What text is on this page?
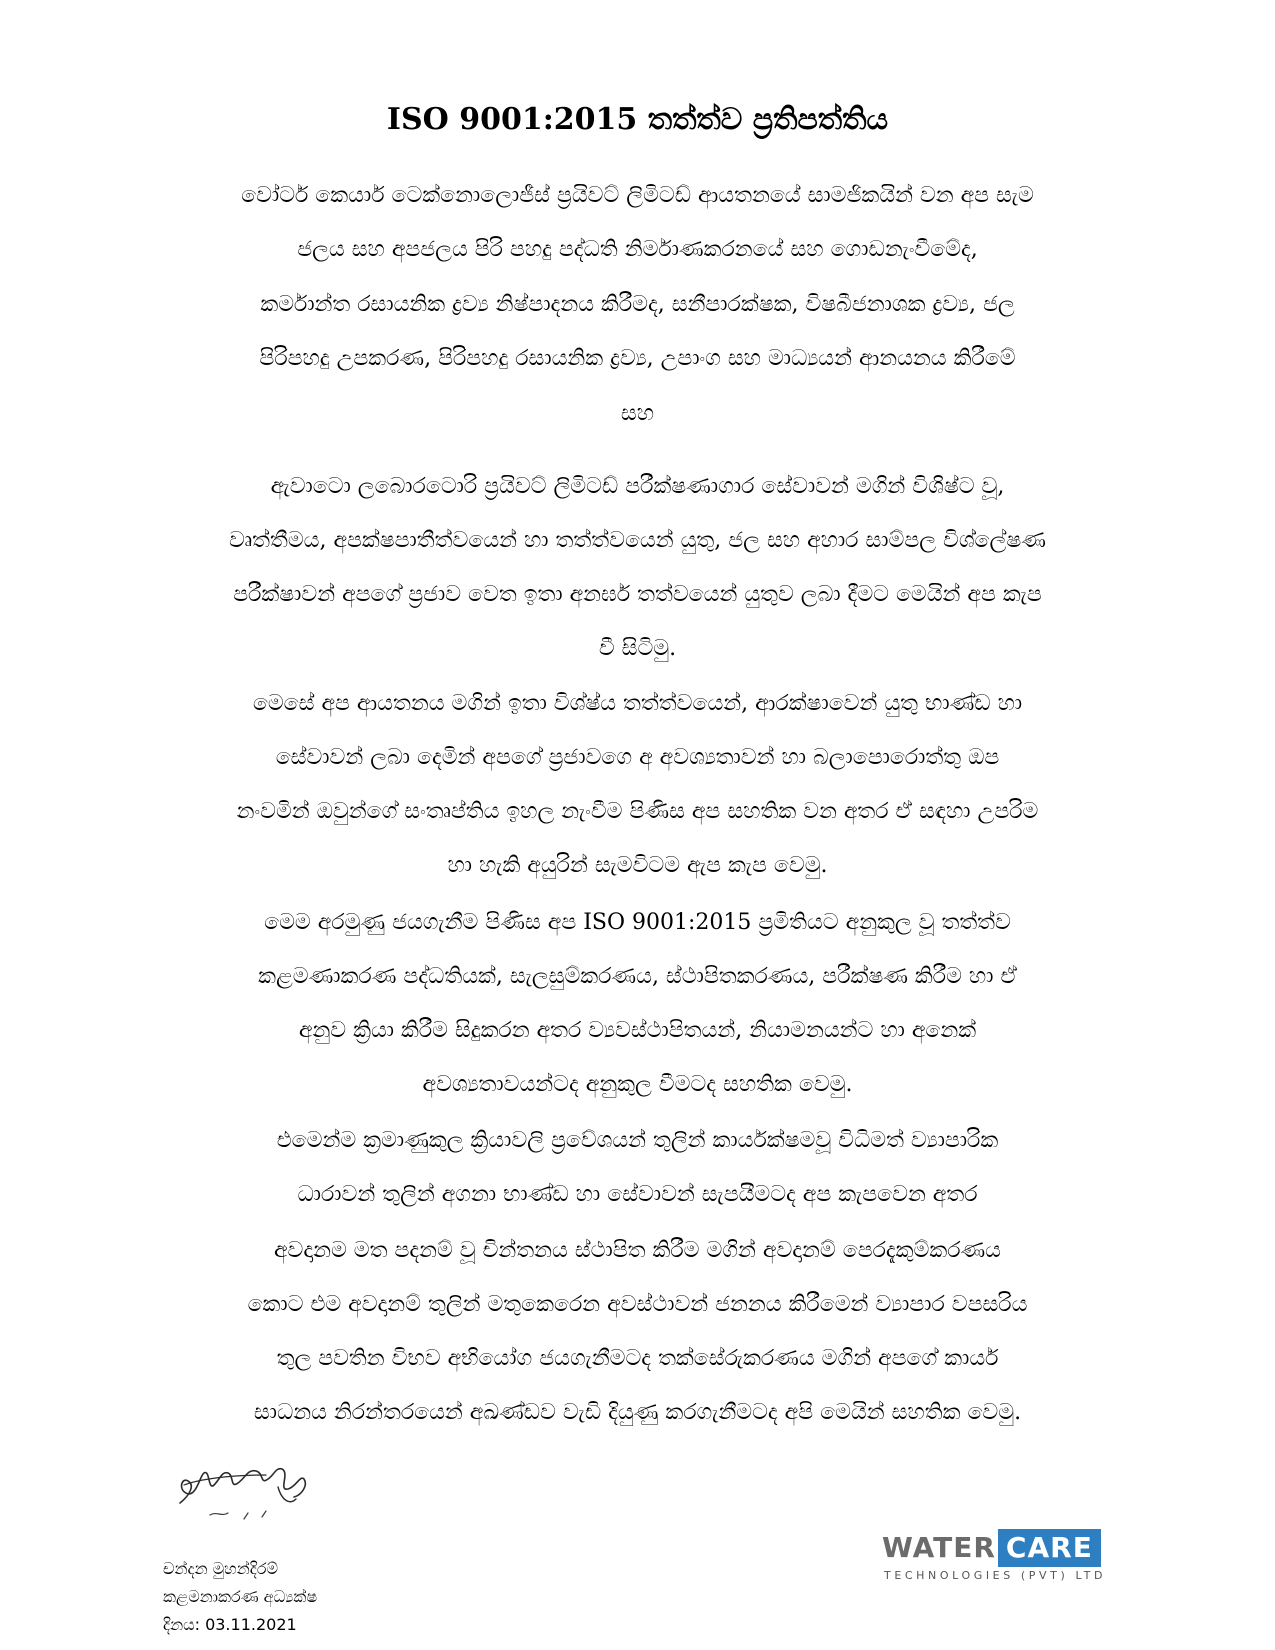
ISO 9001:2015 තත්ත්ව ප්‍රතිපත්තිය
වෝටර් කෙයාර් ටෙක්නොලොජීස් ප්‍රයිවට් ලිමිටඩ් ආයතනයේ සාමජිකයින් වන අප සැම
ජලය සහ අපජලය පිරි පහදු පද්ධති නිර්මාණකරනයේ සහ ගොඩනැංවීමේද,
කර්මාන්ත රසායනික ද්‍රව්‍ය නිෂ්පාදනය කිරීමද, සනීපාරක්ෂක, විෂබීජනාශක ද්‍රව්‍ය, ජල
පිරිපහදු උපකරණ, පිරිපහදු රසායනික ද්‍රව්‍ය, උපාංග සහ මාධ්‍යයන් ආනයනය කිරීමේ
සහ
ඇවාටො ලබොරටොරි ප්‍රයිවට් ලිමිටඩ් පරීක්ෂණාගාර සේවාවන් මගින් විශිෂ්ට වූ,
වෘත්තීමය, අපක්ෂපාතීත්වයෙන් හා තත්ත්වයෙන් යුතු, ජල සහ අහාර සාම්පල විශ්ලේෂණ
පරීක්ෂාවන් අපගේ ප්‍රජාව වෙත ඉතා අනර්ඝ තත්වයෙන් යුතුව ලබා දීමට මෙයින් අප කැප
වී සිටිමු.
මෙසේ අප ආයතනය මගින් ඉතා විශ්ෂ්ය තත්ත්වයෙන්, ආරක්ෂාවෙන් යුතු භාණ්ඩ හා
සේවාවන් ලබා දෙමින් අපගේ ප්‍රජාවගෙ අ අවශ්‍යතාවන් හා බලාපොරොත්තු ඔප
නංවමින් ඔවුන්ගේ සංතෘප්තිය ඉහල නැංවීම පිණිස අප සහතික වන අතර ඒ සඳහා උපරිම
හා හැකි අයුරින් සැමවිටම ඇප කැප වෙමු.
මෙම අරමුණු ජයගැනීම පිණිස අප ISO 9001:2015 ප්‍රමිතියට අනුකුල වූ තත්ත්ව
කළමණාකරණ පද්ධතියක්, සැලසුම්කරණය, ස්ථාපිතකරණය, පරීක්ෂණ කිරීම හා ඒ
අනුව ක්‍රියා කිරීම සිදුකරන අතර ව්‍යවස්ථාපිතයන්, නියාමනයන්ට හා අනෙක්
අවශ්‍යතාවයන්ටද අනුකුල වීමටද සහතික වෙමු.
එමෙන්ම ක්‍රමාණුකුල ක්‍රියාවලි ප්‍රවේශයන් තුලින් කාර්යක්ෂමවූ විධිමත් ව්‍යාපාරික
ධාරාවන් තුලින් අගනා භාණ්ඩ හා සේවාවන් සැපයීමටද අප කැපවෙන අතර
අවදානම මත පදනම් වූ චින්තනය ස්ථාපිත කිරීම මගින් අවදානම් පෙරදැකුම්කරණය
කොට එම අවදානම් තුලින් මතුකෙරෙන අවස්ථාවන් ජනනය කිරීමෙන් ව්‍යාපාර වපසරිය
තුල පවතින විභව අභියෝග ජයගැනීමටද තක්සේරුකරණය මගින් අපගේ කාර්ය
සාධනය නිරන්තරයෙන් අඛණ්ඩව වැඩි දියුණු කරගැනීමටද අපි මෙයින් සහතික වෙමු.
චන්දන මුහන්දිරම්
කළමනාකරණ අධ්‍යක්ෂ
දිනය: 03.11.2021
WATER CARE
TECHNOLOGIES (PVT) LTD
